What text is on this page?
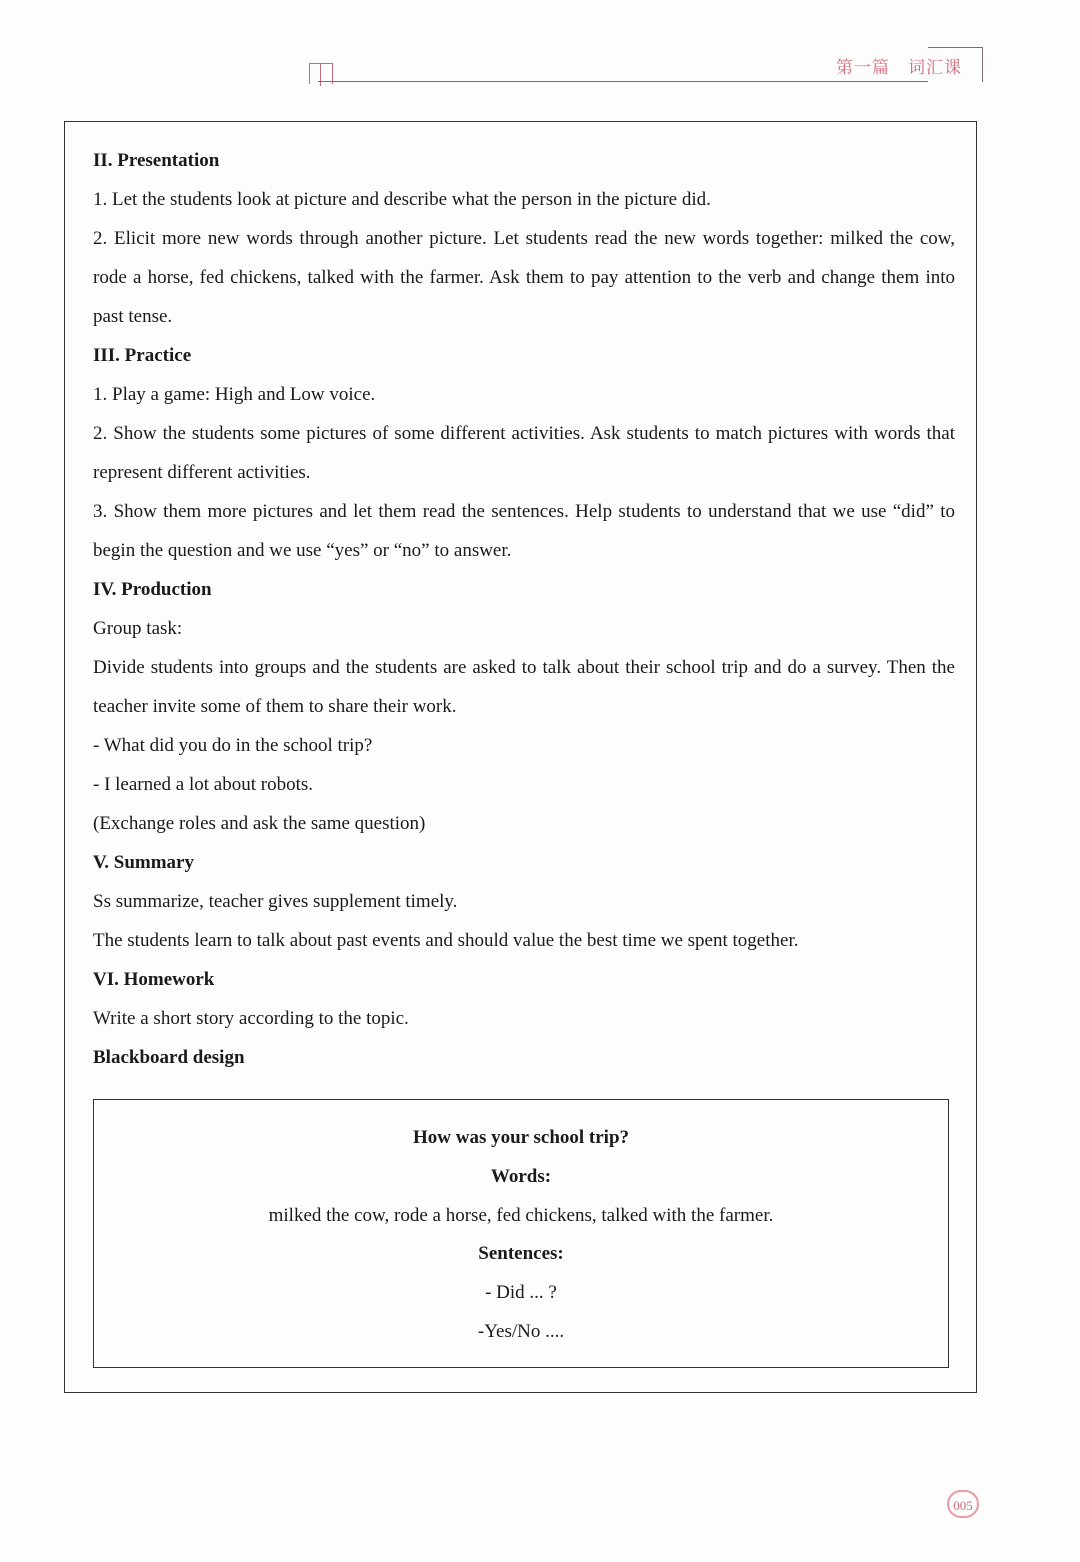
第一篇 词汇课
II. Presentation

1. Let the students look at picture and describe what the person in the picture did.

2. Elicit more new words through another picture. Let students read the new words together: milked the cow, rode a horse, fed chickens, talked with the farmer. Ask them to pay attention to the verb and change them into past tense.

III. Practice

1. Play a game: High and Low voice.

2. Show the students some pictures of some different activities. Ask students to match pictures with words that represent different activities.

3. Show them more pictures and let them read the sentences. Help students to understand that we use “did” to begin the question and we use “yes” or “no” to answer.

IV. Production

Group task:

Divide students into groups and the students are asked to talk about their school trip and do a survey. Then the teacher invite some of them to share their work.

- What did you do in the school trip?

- I learned a lot about robots.

(Exchange roles and ask the same question)

V. Summary

Ss summarize, teacher gives supplement timely.

The students learn to talk about past events and should value the best time we spent together.

VI. Homework

Write a short story according to the topic.

Blackboard design
How was your school trip?
Words:
milked the cow, rode a horse, fed chickens, talked with the farmer.
Sentences:
- Did ... ?
-Yes/No ....
005
